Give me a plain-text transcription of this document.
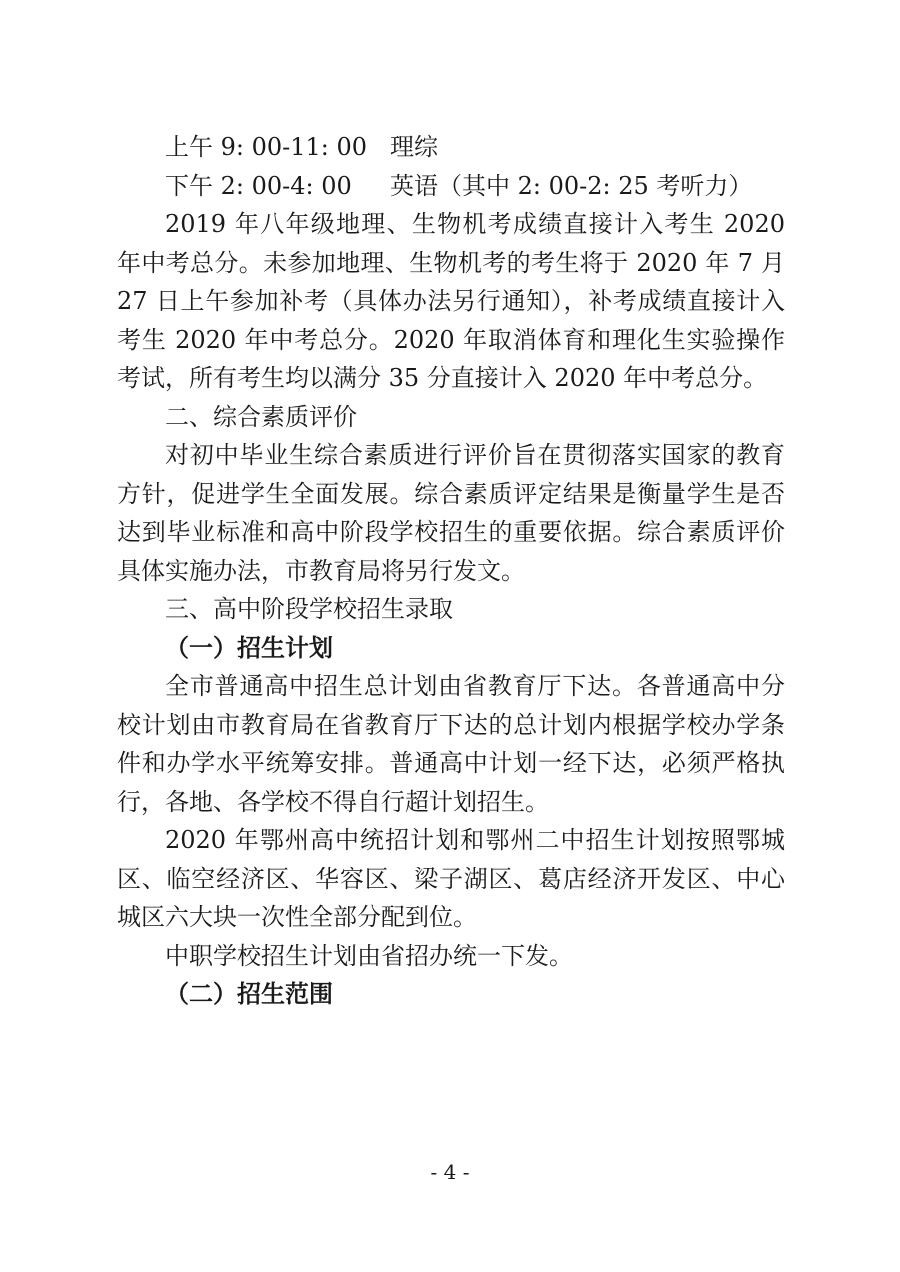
上午 9: 00-11: 00 理综
下午 2: 00-4: 00	英语（其中 2: 00-2: 25 考听力）

2019 年八年级地理、生物机考成绩直接计入考生 2020 年中考总分。未参加地理、生物机考的考生将于 2020 年 7 月 27 日上午参加补考（具体办法另行通知），补考成绩直接计入考生 2020 年中考总分。2020 年取消体育和理化生实验操作考试，所有考生均以满分 35 分直接计入 2020 年中考总分。

二、综合素质评价

对初中毕业生综合素质进行评价旨在贯彻落实国家的教育方针，促进学生全面发展。综合素质评定结果是衡量学生是否达到毕业标准和高中阶段学校招生的重要依据。综合素质评价具体实施办法，市教育局将另行发文。

三、高中阶段学校招生录取

（一）招生计划

全市普通高中招生总计划由省教育厅下达。各普通高中分校计划由市教育局在省教育厅下达的总计划内根据学校办学条件和办学水平统筹安排。普通高中计划一经下达，必须严格执行，各地、各学校不得自行超计划招生。

2020 年鄂州高中统招计划和鄂州二中招生计划按照鄂城区、临空经济区、华容区、梁子湖区、葛店经济开发区、中心城区六大块一次性全部分配到位。

中职学校招生计划由省招办统一下发。

（二）招生范围

- 4 -
